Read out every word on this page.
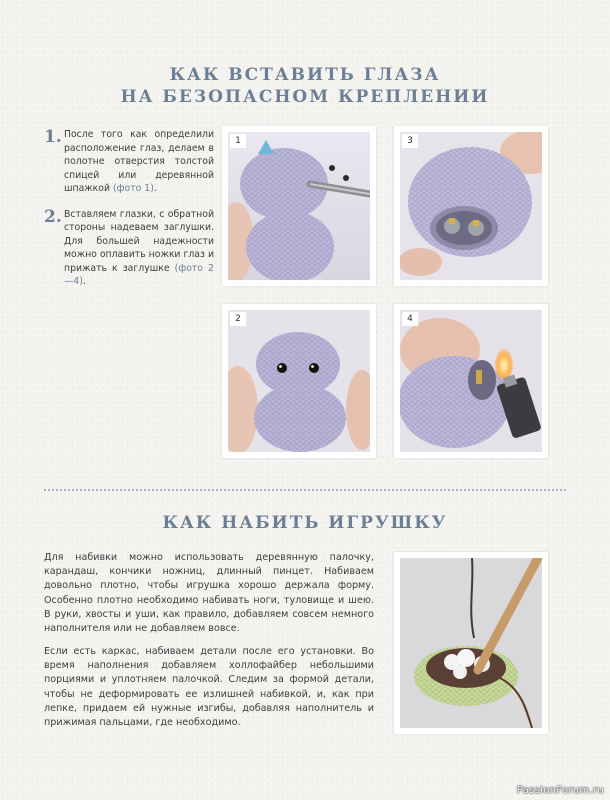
КАК ВСТАВИТЬ ГЛАЗА
НА БЕЗОПАСНОМ КРЕПЛЕНИИ
1. После того как определили расположение глаз, делаем в полотне отверстия толстой спицей или деревянной шпажкой (фото 1).
2. Вставляем глазки, с обратной стороны надеваем заглушки. Для большей надежности можно оплавить ножки глаз и прижать к заглушке (фото 2—4).
1	3
2	4
КАК НАБИТЬ ИГРУШКУ

Для набивки можно использовать деревянную палочку, карандаш, кончики ножниц, длинный пинцет. Набиваем довольно плотно, чтобы игрушка хорошо держала форму. Особенно плотно необходимо набивать ноги, туловище и шею. В руки, хвосты и уши, как правило, добавляем совсем немного наполнителя или не добавляем вовсе.

Если есть каркас, набиваем детали после его установки. Во время наполнения добавляем холлофайбер небольшими порциями и уплотняем палочкой. Следим за формой детали, чтобы не деформировать ее излишней набивкой, и, как при лепке, придаем ей нужные изгибы, добавляя наполнитель и прижимая пальцами, где необходимо.

PassionForum.ru
